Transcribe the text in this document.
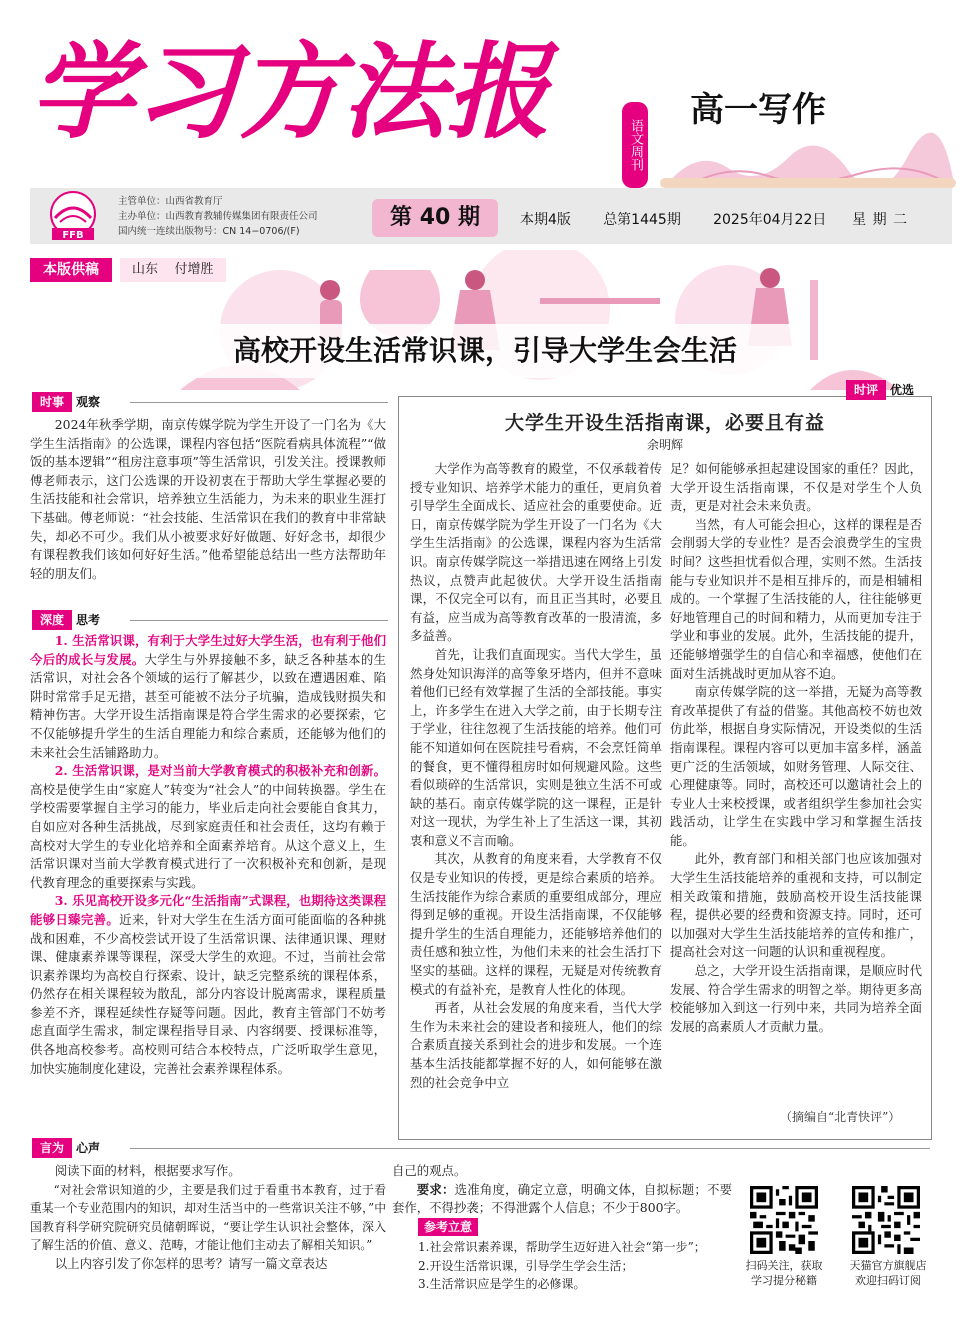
学习方法报	语文周刊
高一写作
FFB
主管单位：山西省教育厅
主办单位：山西教育教辅传媒集团有限责任公司
国内统一连续出版物号：CN 14−0706/(F)
第 40 期	本期4版 总第1445期 2025年04月22日 星 期 二
本版供稿	山东 付增胜
高校开设生活常识课，引导大学生会生活
时事 观察
2024年秋季学期，南京传媒学院为学生开设了一门名为《大学生生活指南》的公选课，课程内容包括“医院看病具体流程”“做饭的基本逻辑”“租房注意事项”等生活常识，引发关注。授课教师傅老师表示，这门公选课的开设初衷在于帮助大学生掌握必要的生活技能和社会常识，培养独立生活能力，为未来的职业生涯打下基础。傅老师说：“社会技能、生活常识在我们的教育中非常缺失，却必不可少。我们从小被要求好好做题、好好念书，却很少有课程教我们该如何好好生活。”他希望能总结出一些方法帮助年轻的朋友们。
深度 思考

1. 生活常识课，有利于大学生过好大学生活，也有利于他们今后的成长与发展。大学生与外界接触不多，缺乏各种基本的生活常识，对社会各个领域的运行了解甚少，以致在遭遇困难、陷阱时常常手足无措，甚至可能被不法分子坑骗，造成钱财损失和精神伤害。大学开设生活指南课是符合学生需求的必要探索，它不仅能够提升学生的生活自理能力和综合素质，还能够为他们的未来社会生活铺路助力。

2. 生活常识课，是对当前大学教育模式的积极补充和创新。高校是使学生由“家庭人”转变为“社会人”的中间转换器。学生在学校需要掌握自主学习的能力，毕业后走向社会要能自食其力，自如应对各种生活挑战，尽到家庭责任和社会责任，这均有赖于高校对大学生的专业化培养和全面素养培育。从这个意义上，生活常识课对当前大学教育模式进行了一次积极补充和创新，是现代教育理念的重要探索与实践。

3. 乐见高校开设多元化“生活指南”式课程，也期待这类课程能够日臻完善。近来，针对大学生在生活方面可能面临的各种挑战和困难，不少高校尝试开设了生活常识课、法律通识课、理财课、健康素养课等课程，深受大学生的欢迎。不过，当前社会常识素养课均为高校自行探索、设计，缺乏完整系统的课程体系，仍然存在相关课程较为散乱，部分内容设计脱离需求，课程质量参差不齐，课程延续性存疑等问题。因此，教育主管部门不妨考虑直面学生需求，制定课程指导目录、内容纲要、授课标准等，供各地高校参考。高校则可结合本校特点，广泛听取学生意见，加快实施制度化建设，完善社会素养课程体系。

时评 优选
大学生开设生活指南课，必要且有益
余明辉

大学作为高等教育的殿堂，不仅承载着传授专业知识、培养学术能力的重任，更肩负着引导学生全面成长、适应社会的重要使命。近日，南京传媒学院为学生开设了一门名为《大学生生活指南》的公选课，课程内容为生活常识。南京传媒学院这一举措迅速在网络上引发热议，点赞声此起彼伏。大学开设生活指南课，不仅完全可以有，而且正当其时，必要且有益，应当成为高等教育改革的一股清流，多多益善。

首先，让我们直面现实。当代大学生，虽然身处知识海洋的高等象牙塔内，但并不意味着他们已经有效掌握了生活的全部技能。事实上，许多学生在进入大学之前，由于长期专注于学业，往往忽视了生活技能的培养。他们可能不知道如何在医院挂号看病，不会烹饪简单的餐食，更不懂得租房时如何规避风险。这些看似琐碎的生活常识，实则是独立生活不可或缺的基石。南京传媒学院的这一课程，正是针对这一现状，为学生补上了生活这一课，其初衷和意义不言而喻。

其次，从教育的角度来看，大学教育不仅仅是专业知识的传授，更是综合素质的培养。生活技能作为综合素质的重要组成部分，理应得到足够的重视。开设生活指南课，不仅能够提升学生的生活自理能力，还能够培养他们的责任感和独立性，为他们未来的社会生活打下坚实的基础。这样的课程，无疑是对传统教育模式的有益补充，是教育人性化的体现。

再者，从社会发展的角度来看，当代大学生作为未来社会的建设者和接班人，他们的综合素质直接关系到社会的进步和发展。一个连基本生活技能都掌握不好的人，如何能够在激烈的社会竞争中立

足？如何能够承担起建设国家的重任？因此，大学开设生活指南课，不仅是对学生个人负责，更是对社会未来负责。

当然，有人可能会担心，这样的课程是否会削弱大学的专业性？是否会浪费学生的宝贵时间？这些担忧看似合理，实则不然。生活技能与专业知识并不是相互排斥的，而是相辅相成的。一个掌握了生活技能的人，往往能够更好地管理自己的时间和精力，从而更加专注于学业和事业的发展。此外，生活技能的提升，还能够增强学生的自信心和幸福感，使他们在面对生活挑战时更加从容不迫。

南京传媒学院的这一举措，无疑为高等教育改革提供了有益的借鉴。其他高校不妨也效仿此举，根据自身实际情况，开设类似的生活指南课程。课程内容可以更加丰富多样，涵盖更广泛的生活领域，如财务管理、人际交往、心理健康等。同时，高校还可以邀请社会上的专业人士来校授课，或者组织学生参加社会实践活动，让学生在实践中学习和掌握生活技能。

此外，教育部门和相关部门也应该加强对大学生生活技能培养的重视和支持，可以制定相关政策和措施，鼓励高校开设生活技能课程，提供必要的经费和资源支持。同时，还可以加强对大学生生活技能培养的宣传和推广，提高社会对这一问题的认识和重视程度。

总之，大学开设生活指南课，是顺应时代发展、符合学生需求的明智之举。期待更多高校能够加入到这一行列中来，共同为培养全面发展的高素质人才贡献力量。

（摘编自“北青快评”）
言为 心声
阅读下面的材料，根据要求写作。
“对社会常识知道的少，主要是我们过于看重书本教育，过于看重某一个专业范围内的知识，却对生活当中的一些常识关注不够，”中国教育科学研究院研究员储朝晖说，“要让学生认识社会整体，深入了解生活的价值、意义、范畴，才能让他们主动去了解相关知识。”
以上内容引发了你怎样的思考？请写一篇文章表达
自己的观点。
要求：选准角度，确定立意，明确文体，自拟标题；不要套作，不得抄袭；不得泄露个人信息；不少于800字。
参考立意
1.社会常识素养课，帮助学生迈好进入社会“第一步”；
2.开设生活常识课，引导学生学会生活；
3.生活常识应是学生的必修课。
扫码关注，获取
学习提分秘籍
天猫官方旗舰店
欢迎扫码订阅
